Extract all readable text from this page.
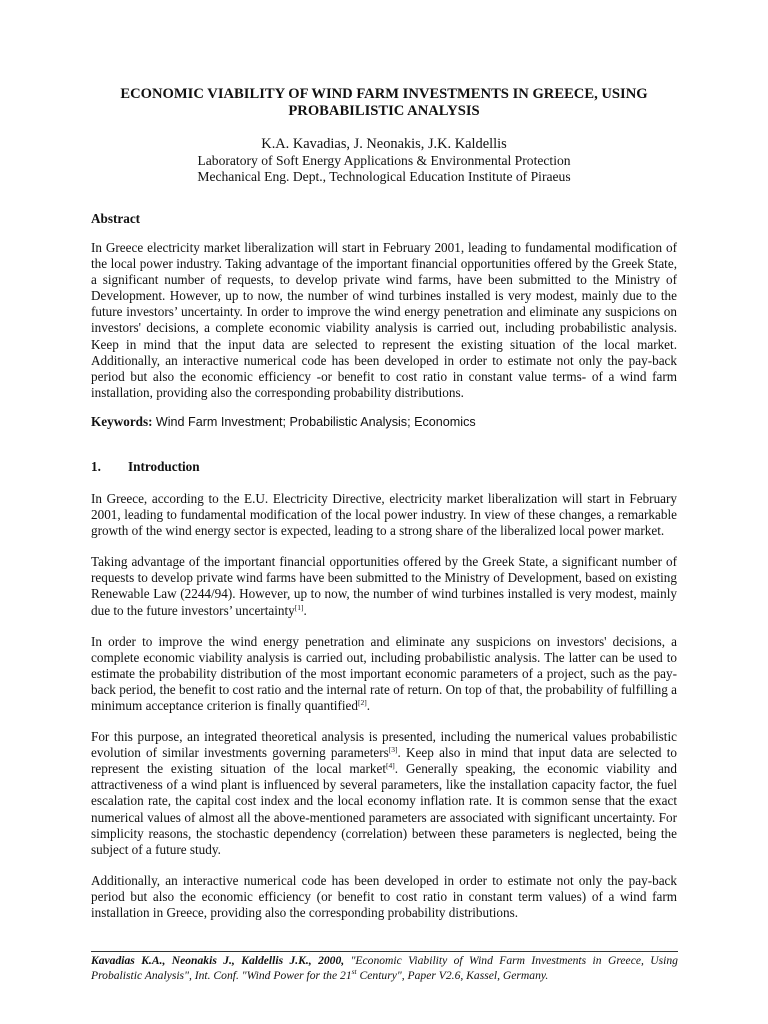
ECONOMIC VIABILITY OF WIND FARM INVESTMENTS IN GREECE, USING
PROBABILISTIC ANALYSIS
K.A. Kavadias, J. Neonakis, J.K. Kaldellis
Laboratory of Soft Energy Applications & Environmental Protection
Mechanical Eng. Dept., Technological Education Institute of Piraeus
Abstract

In Greece electricity market liberalization will start in February 2001, leading to fundamental modification of the local power industry. Taking advantage of the important financial opportunities offered by the Greek State, a significant number of requests, to develop private wind farms, have been submitted to the Ministry of Development. However, up to now, the number of wind turbines installed is very modest, mainly due to the future investors’ uncertainty. In order to improve the wind energy penetration and eliminate any suspicions on investors' decisions, a complete economic viability analysis is carried out, including probabilistic analysis. Keep in mind that the input data are selected to represent the existing situation of the local market. Additionally, an interactive numerical code has been developed in order to estimate not only the pay-back period but also the economic efficiency -or benefit to cost ratio in constant value terms- of a wind farm installation, providing also the corresponding probability distributions.

Keywords: Wind Farm Investment; Probabilistic Analysis; Economics
1.	Introduction

In Greece, according to the E.U. Electricity Directive, electricity market liberalization will start in February 2001, leading to fundamental modification of the local power industry. In view of these changes, a remarkable growth of the wind energy sector is expected, leading to a strong share of the liberalized local power market.

Taking advantage of the important financial opportunities offered by the Greek State, a significant number of requests to develop private wind farms have been submitted to the Ministry of Development, based on existing Renewable Law (2244/94). However, up to now, the number of wind turbines installed is very modest, mainly due to the future investors’ uncertainty[1].

In order to improve the wind energy penetration and eliminate any suspicions on investors' decisions, a complete economic viability analysis is carried out, including probabilistic analysis. The latter can be used to estimate the probability distribution of the most important economic parameters of a project, such as the pay-back period, the benefit to cost ratio and the internal rate of return. On top of that, the probability of fulfilling a minimum acceptance criterion is finally quantified[2].

For this purpose, an integrated theoretical analysis is presented, including the numerical values probabilistic evolution of similar investments governing parameters[3]. Keep also in mind that input data are selected to represent the existing situation of the local market[4]. Generally speaking, the economic viability and attractiveness of a wind plant is influenced by several parameters, like the installation capacity factor, the fuel escalation rate, the capital cost index and the local economy inflation rate. It is common sense that the exact numerical values of almost all the above-mentioned parameters are associated with significant uncertainty. For simplicity reasons, the stochastic dependency (correlation) between these parameters is neglected, being the subject of a future study.

Additionally, an interactive numerical code has been developed in order to estimate not only the pay-back period but also the economic efficiency (or benefit to cost ratio in constant term values) of a wind farm installation in Greece, providing also the corresponding probability distributions.

Kavadias K.A., Neonakis J., Kaldellis J.K., 2000, "Economic Viability of Wind Farm Investments in Greece, Using Probalistic Analysis", Int. Conf. "Wind Power for the 21st Century", Paper V2.6, Kassel, Germany.
